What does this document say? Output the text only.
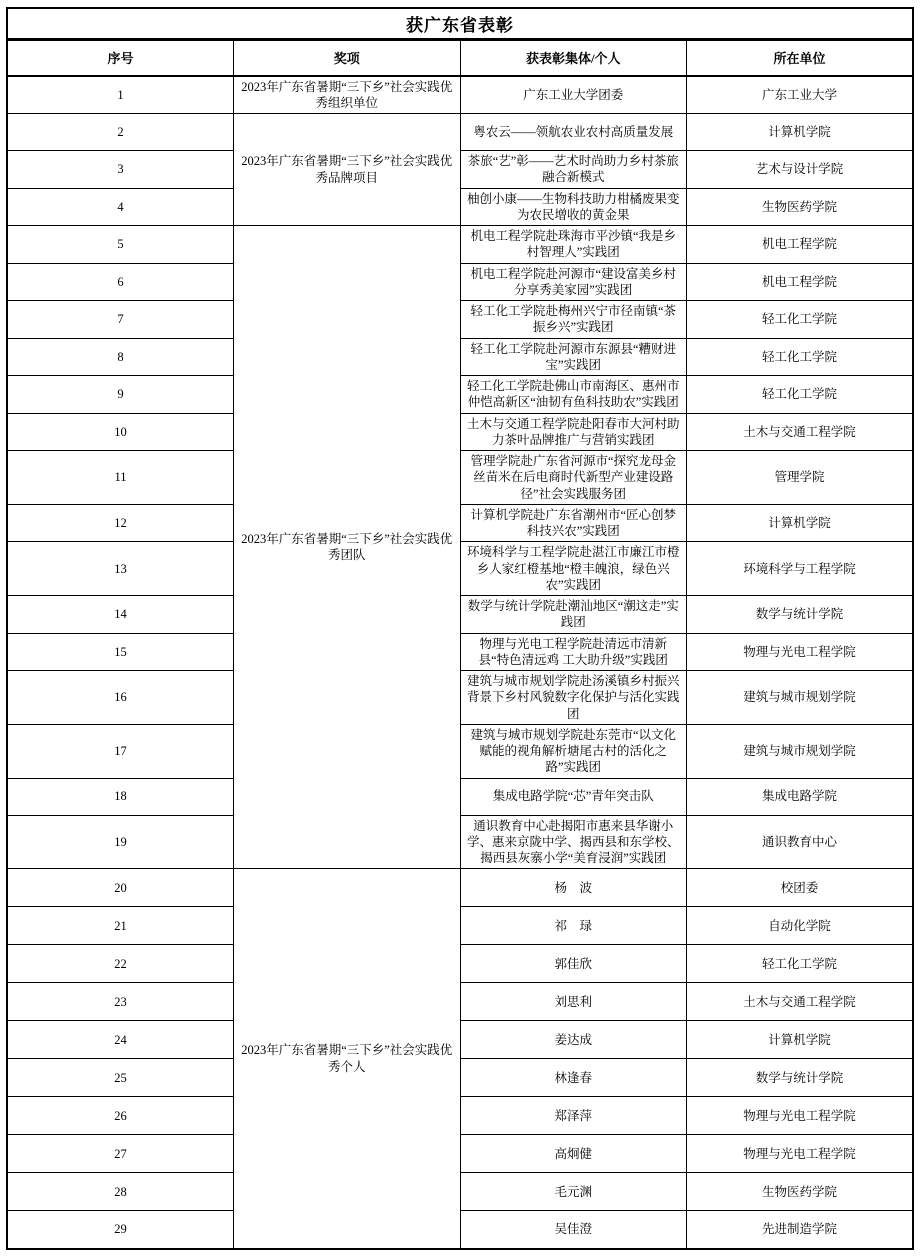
获广东省表彰			
序号	奖项	获表彰集体/个人	所在单位
1	2023年广东省暑期“三下乡”社会实践优秀组织单位	广东工业大学团委	广东工业大学
2	2023年广东省暑期“三下乡”社会实践优秀品牌项目	粤农云——领航农业农村高质量发展	计算机学院
3		茶旅“艺”彰——艺术时尚助力乡村茶旅融合新模式	艺术与设计学院
4		柚创小康——生物科技助力柑橘废果变为农民增收的黄金果	生物医药学院
5	2023年广东省暑期“三下乡”社会实践优秀团队	机电工程学院赴珠海市平沙镇“我是乡村智理人”实践团	机电工程学院
6		机电工程学院赴河源市“建设富美乡村分享秀美家园”实践团	机电工程学院
7		轻工化工学院赴梅州兴宁市径南镇“茶振乡兴”实践团	轻工化工学院
8		轻工化工学院赴河源市东源县“糟财进宝”实践团	轻工化工学院
9		轻工化工学院赴佛山市南海区、惠州市仲恺高新区“油韧有鱼科技助农”实践团	轻工化工学院
10		土木与交通工程学院赴阳春市大河村助力茶叶品牌推广与营销实践团	土木与交通工程学院
11		管理学院赴广东省河源市“探究龙母金丝苗米在后电商时代新型产业建设路径”社会实践服务团	管理学院
12		计算机学院赴广东省潮州市“匠心创梦 科技兴农”实践团	计算机学院
13		环境科学与工程学院赴湛江市廉江市橙乡人家红橙基地“橙丰魄浪，绿色兴农”实践团	环境科学与工程学院
14		数学与统计学院赴潮汕地区“潮这走”实践团	数学与统计学院
15		物理与光电工程学院赴清远市清新县“特色清远鸡 工大助升级”实践团	物理与光电工程学院
16		建筑与城市规划学院赴汤溪镇乡村振兴背景下乡村风貌数字化保护与活化实践团	建筑与城市规划学院
17		建筑与城市规划学院赴东莞市“以文化赋能的视角解析塘尾古村的活化之路”实践团	建筑与城市规划学院
18		集成电路学院“芯”青年突击队	集成电路学院
19		通识教育中心赴揭阳市惠来县华谢小学、惠来京陇中学、揭西县和东学校、揭西县灰寨小学“美育浸润”实践团	通识教育中心
20	2023年广东省暑期“三下乡”社会实践优秀个人	杨　波	校团委
21		祁　琭	自动化学院
22		郭佳欣	轻工化工学院
23		刘思利	土木与交通工程学院
24		姜达成	计算机学院
25		林逢春	数学与统计学院
26		郑泽萍	物理与光电工程学院
27		高炯健	物理与光电工程学院
28		毛元渊	生物医药学院
29		吴佳澄	先进制造学院
